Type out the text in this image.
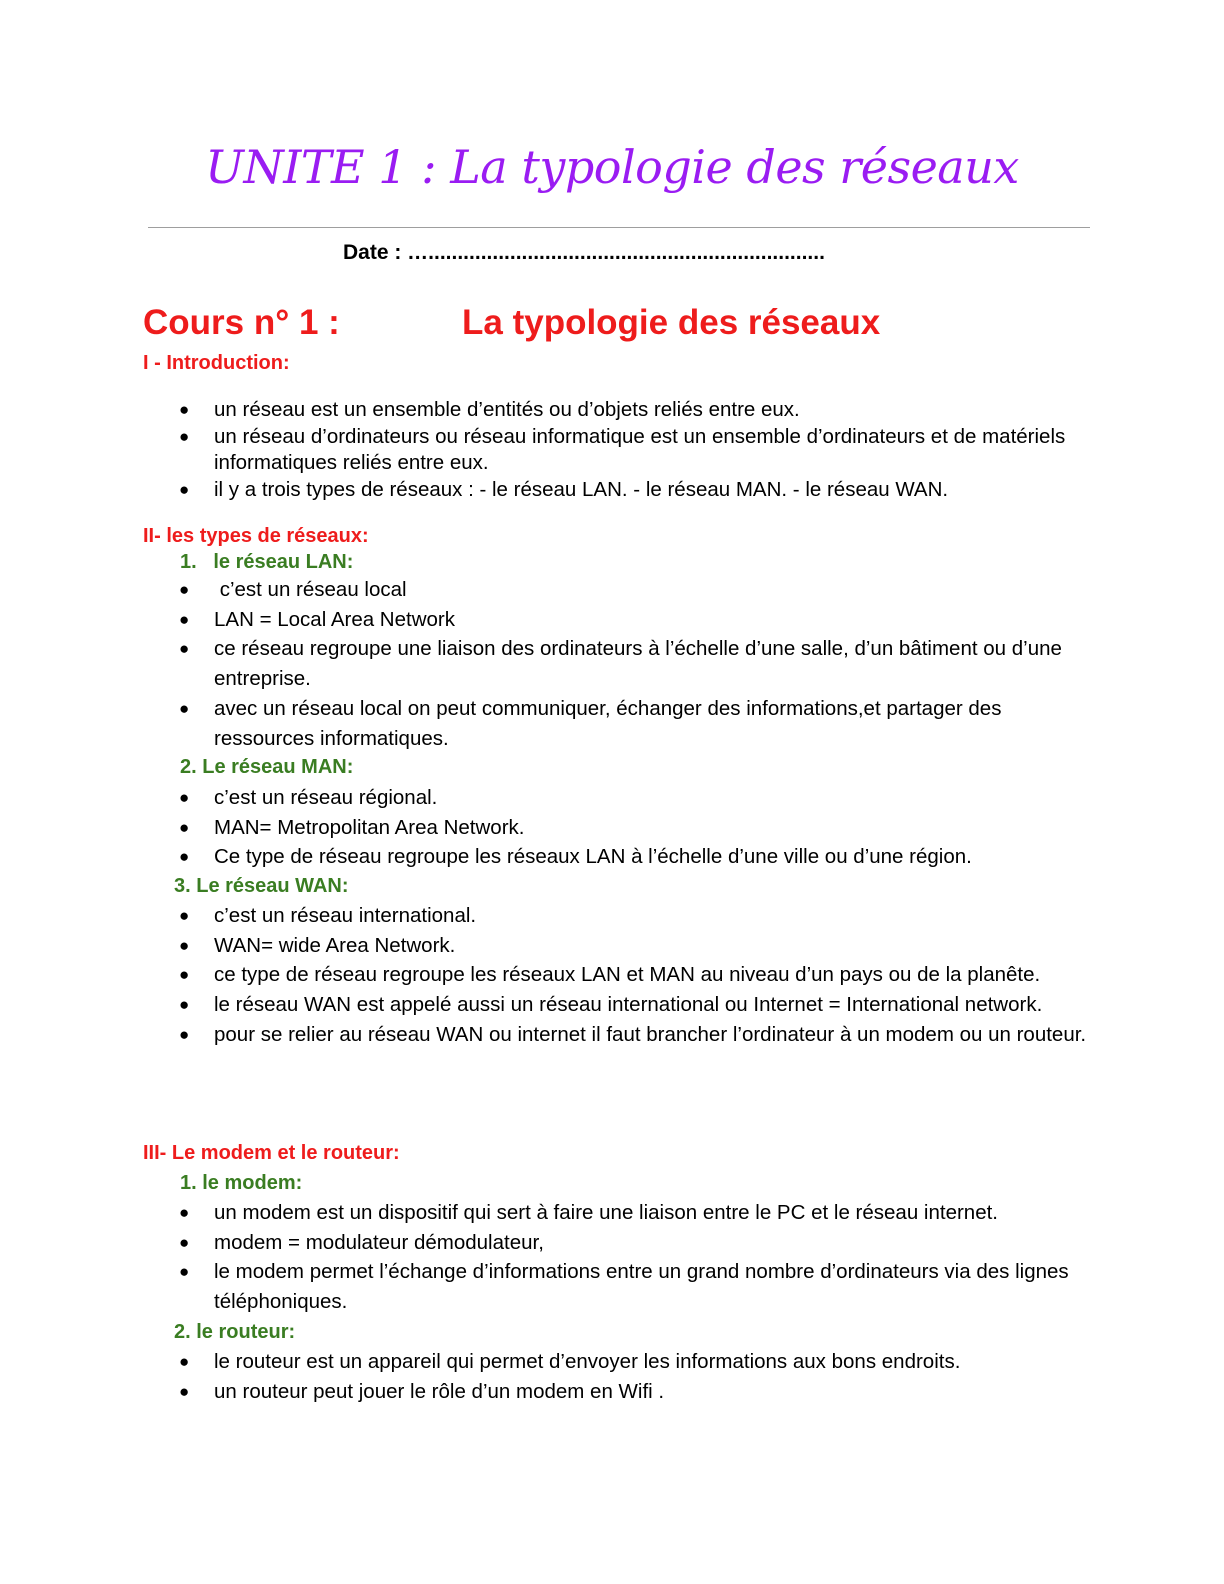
UNITE 1 : La typologie des réseaux
Date : …....................................................................
Cours n° 1 :	La typologie des réseaux
I - Introduction:
● un réseau est un ensemble d’entités ou d’objets reliés entre eux.
● un réseau d’ordinateurs ou réseau informatique est un ensemble d’ordinateurs et de matériels informatiques reliés entre eux.
● il y a trois types de réseaux : - le réseau LAN. - le réseau MAN. - le réseau WAN.
II- les types de réseaux:
1.   le réseau LAN:
● c’est un réseau local
● LAN = Local Area Network
● ce réseau regroupe une liaison des ordinateurs à l’échelle d’une salle, d’un bâtiment ou d’une entreprise.
● avec un réseau local on peut communiquer, échanger des informations,et partager des ressources informatiques.
2. Le réseau MAN:
● c’est un réseau régional.
● MAN= Metropolitan Area Network.
● Ce type de réseau regroupe les réseaux LAN à l’échelle d’une ville ou d’une région.
3. Le réseau WAN:
● c’est un réseau international.
● WAN= wide Area Network.
● ce type de réseau regroupe les réseaux LAN et MAN au niveau d’un pays ou de la planête.
● le réseau WAN est appelé aussi un réseau international ou Internet = International network.
● pour se relier au réseau WAN ou internet il faut brancher l’ordinateur à un modem ou un routeur.
III- Le modem et le routeur:
1. le modem:
● un modem est un dispositif qui sert à faire une liaison entre le PC et le réseau internet.
● modem = modulateur démodulateur,
● le modem permet l’échange d’informations entre un grand nombre d’ordinateurs via des lignes téléphoniques.
2. le routeur:
● le routeur est un appareil qui permet d’envoyer les informations aux bons endroits.
● un routeur peut jouer le rôle d’un modem en Wifi .
